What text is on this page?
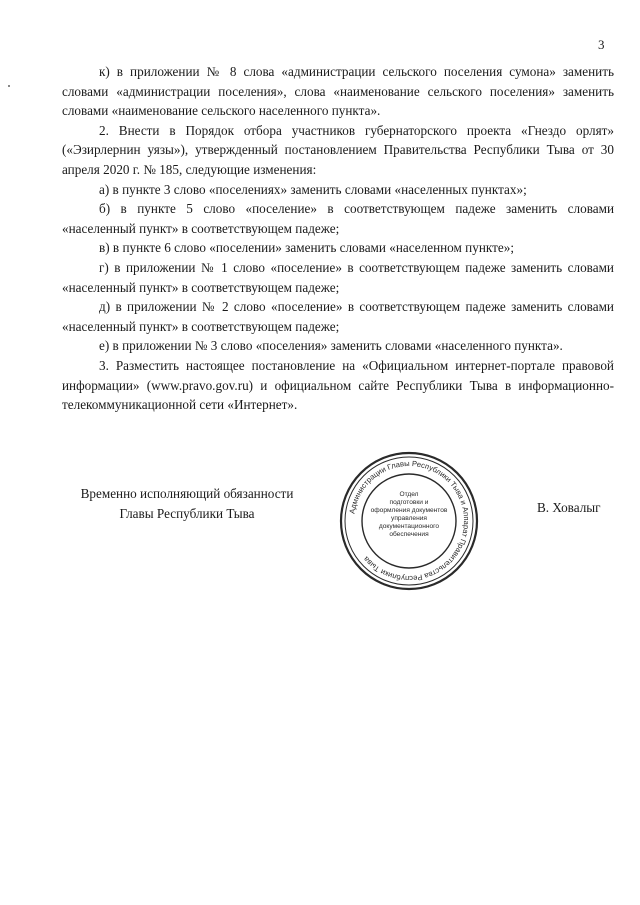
3

к) в приложении № 8 слова «администрации сельского поселения сумона» заменить словами «администрации поселения», слова «наименование сельского поселения» заменить словами «наименование сельского населенного пункта».

2. Внести в Порядок отбора участников губернаторского проекта «Гнездо орлят» («Эзирлернин уязы»), утвержденный постановлением Правительства Республики Тыва от 30 апреля 2020 г. № 185, следующие изменения:

а) в пункте 3 слово «поселениях» заменить словами «населенных пунктах»;

б) в пункте 5 слово «поселение» в соответствующем падеже заменить словами «населенный пункт» в соответствующем падеже;

в) в пункте 6 слово «поселении» заменить словами «населенном пункте»;

г) в приложении № 1 слово «поселение» в соответствующем падеже заменить словами «населенный пункт» в соответствующем падеже;

д) в приложении № 2 слово «поселение» в соответствующем падеже заменить словами «населенный пункт» в соответствующем падеже;

е) в приложении № 3 слово «поселения» заменить словами «населенного пункта».

3. Разместить настоящее постановление на «Официальном интернет-портале правовой информации» (www.pravo.gov.ru) и официальном сайте Республики Тыва в информационно-телекоммуникационной сети «Интернет».

Временно исполняющий обязанности
Главы Республики Тыва	Администрации Главы Республики Тыва и Аппарат Правительства Республики Тыва
Отдел
подготовки и
оформления документов
управления
документационного
обеспечения
В. Ховалыг
